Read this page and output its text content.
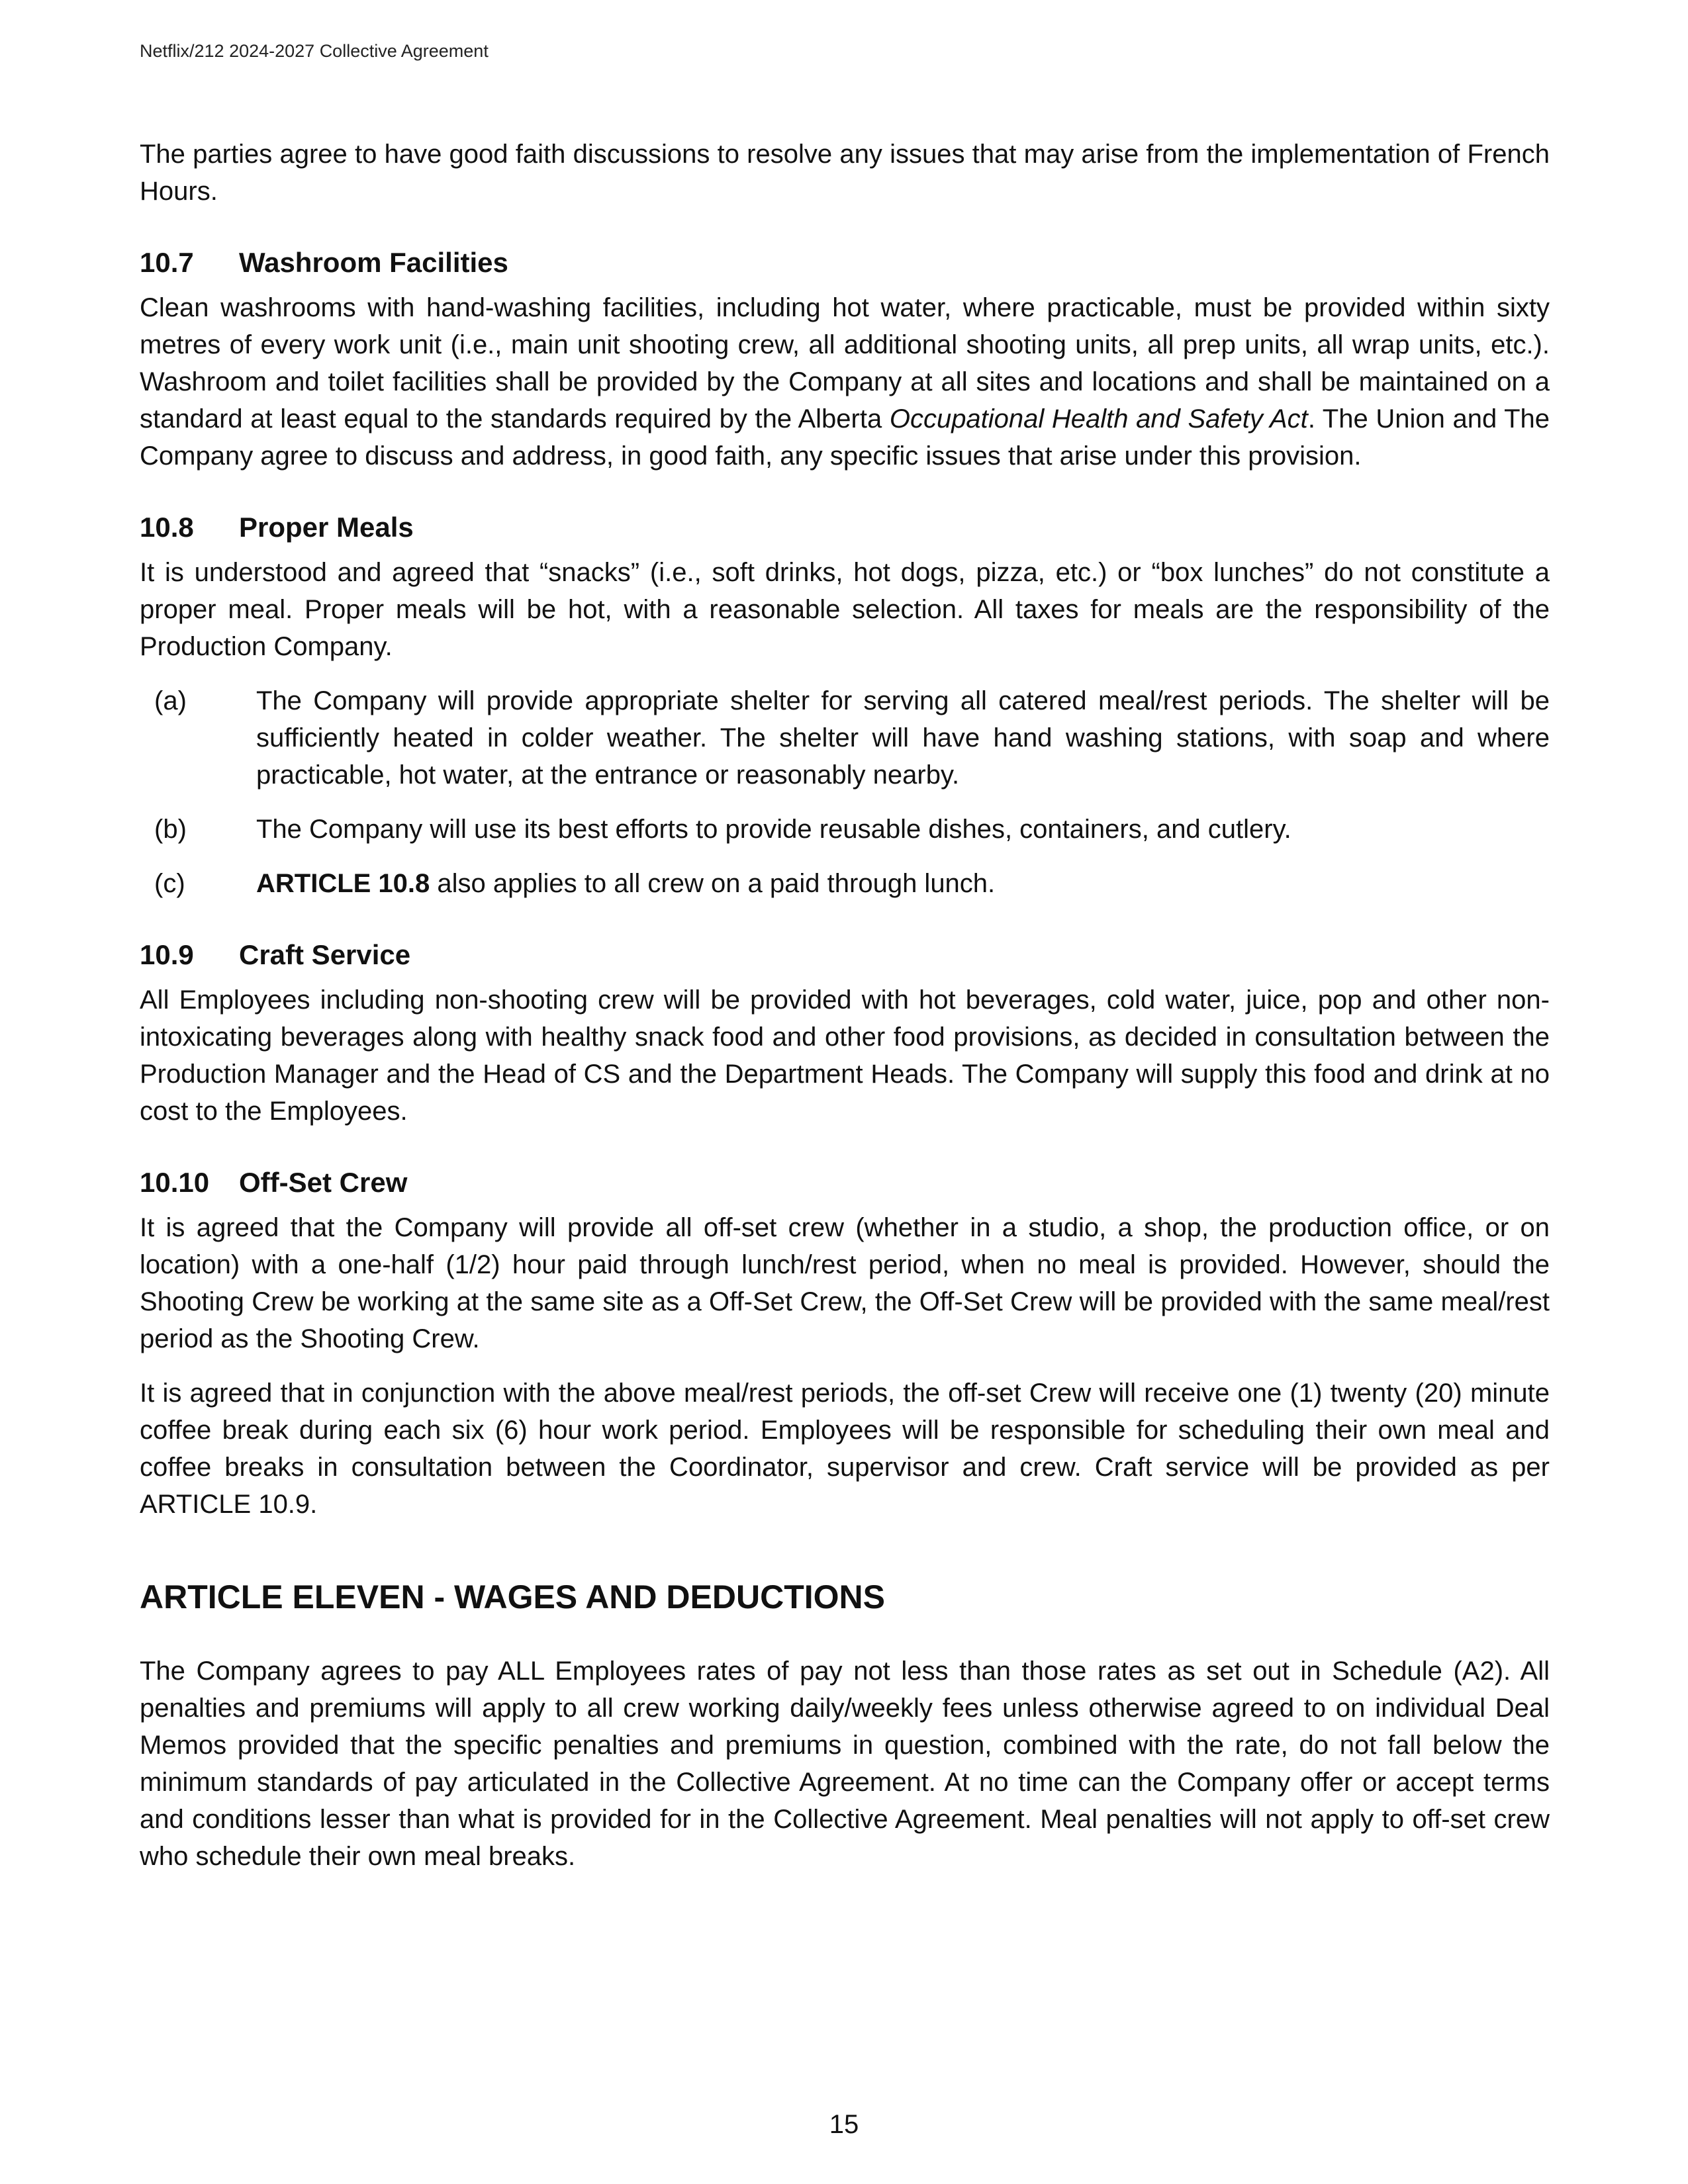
Netflix/212 2024-2027 Collective Agreement

The parties agree to have good faith discussions to resolve any issues that may arise from the implementation of French Hours.

10.7	Washroom Facilities

Clean washrooms with hand-washing facilities, including hot water, where practicable, must be provided within sixty metres of every work unit (i.e., main unit shooting crew, all additional shooting units, all prep units, all wrap units, etc.). Washroom and toilet facilities shall be provided by the Company at all sites and locations and shall be maintained on a standard at least equal to the standards required by the Alberta Occupational Health and Safety Act. The Union and The Company agree to discuss and address, in good faith, any specific issues that arise under this provision.

10.8	Proper Meals

It is understood and agreed that “snacks” (i.e., soft drinks, hot dogs, pizza, etc.) or “box lunches” do not constitute a proper meal. Proper meals will be hot, with a reasonable selection. All taxes for meals are the responsibility of the Production Company.

(a)	The Company will provide appropriate shelter for serving all catered meal/rest periods. The shelter will be sufficiently heated in colder weather. The shelter will have hand washing stations, with soap and where practicable, hot water, at the entrance or reasonably nearby.
(b)	The Company will use its best efforts to provide reusable dishes, containers, and cutlery.
(c)	ARTICLE 10.8 also applies to all crew on a paid through lunch.
10.9	Craft Service

All Employees including non-shooting crew will be provided with hot beverages, cold water, juice, pop and other non-intoxicating beverages along with healthy snack food and other food provisions, as decided in consultation between the Production Manager and the Head of CS and the Department Heads. The Company will supply this food and drink at no cost to the Employees.

10.10	Off-Set Crew

It is agreed that the Company will provide all off-set crew (whether in a studio, a shop, the production office, or on location) with a one-half (1/2) hour paid through lunch/rest period, when no meal is provided. However, should the Shooting Crew be working at the same site as a Off-Set Crew, the Off-Set Crew will be provided with the same meal/rest period as the Shooting Crew.

It is agreed that in conjunction with the above meal/rest periods, the off-set Crew will receive one (1) twenty (20) minute coffee break during each six (6) hour work period. Employees will be responsible for scheduling their own meal and coffee breaks in consultation between the Coordinator, supervisor and crew. Craft service will be provided as per ARTICLE 10.9.

ARTICLE ELEVEN - WAGES AND DEDUCTIONS

The Company agrees to pay ALL Employees rates of pay not less than those rates as set out in Schedule (A2). All penalties and premiums will apply to all crew working daily/weekly fees unless otherwise agreed to on individual Deal Memos provided that the specific penalties and premiums in question, combined with the rate, do not fall below the minimum standards of pay articulated in the Collective Agreement. At no time can the Company offer or accept terms and conditions lesser than what is provided for in the Collective Agreement. Meal penalties will not apply to off-set crew who schedule their own meal breaks.

15
